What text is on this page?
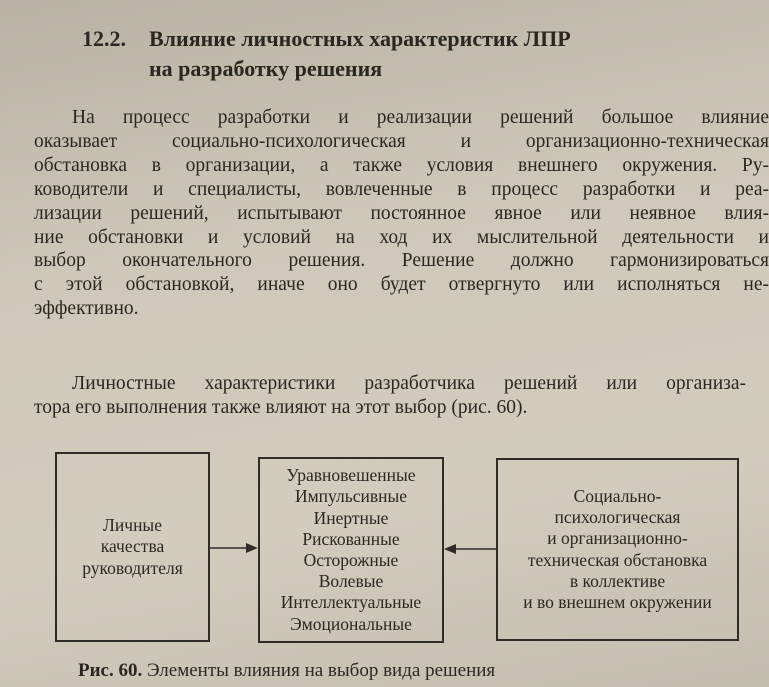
12.2. Влияние личностных характеристик ЛПР
на разработку решения
На процесс разработки и реализации решений большое влияние
оказывает социально-психологическая и организационно-техническая
обстановка в организации, а также условия внешнего окружения. Ру-
ководители и специалисты, вовлеченные в процесс разработки и реа-
лизации решений, испытывают постоянное явное или неявное влия-
ние обстановки и условий на ход их мыслительной деятельности и
выбор окончательного решения. Решение должно гармонизироваться
с этой обстановкой, иначе оно будет отвергнуто или исполняться не-
эффективно.
Личностные характеристики разработчика решений или организа-
тора его выполнения также влияют на этот выбор (рис. 60).
Личные
качества
руководителя
Уравновешенные
Импульсивные
Инертные
Рискованные
Осторожные
Волевые
Интеллектуальные
Эмоциональные
Социально-
психологическая
и организационно-
техническая обстановка
в коллективе
и во внешнем окружении
Рис. 60. Элементы влияния на выбор вида решения
